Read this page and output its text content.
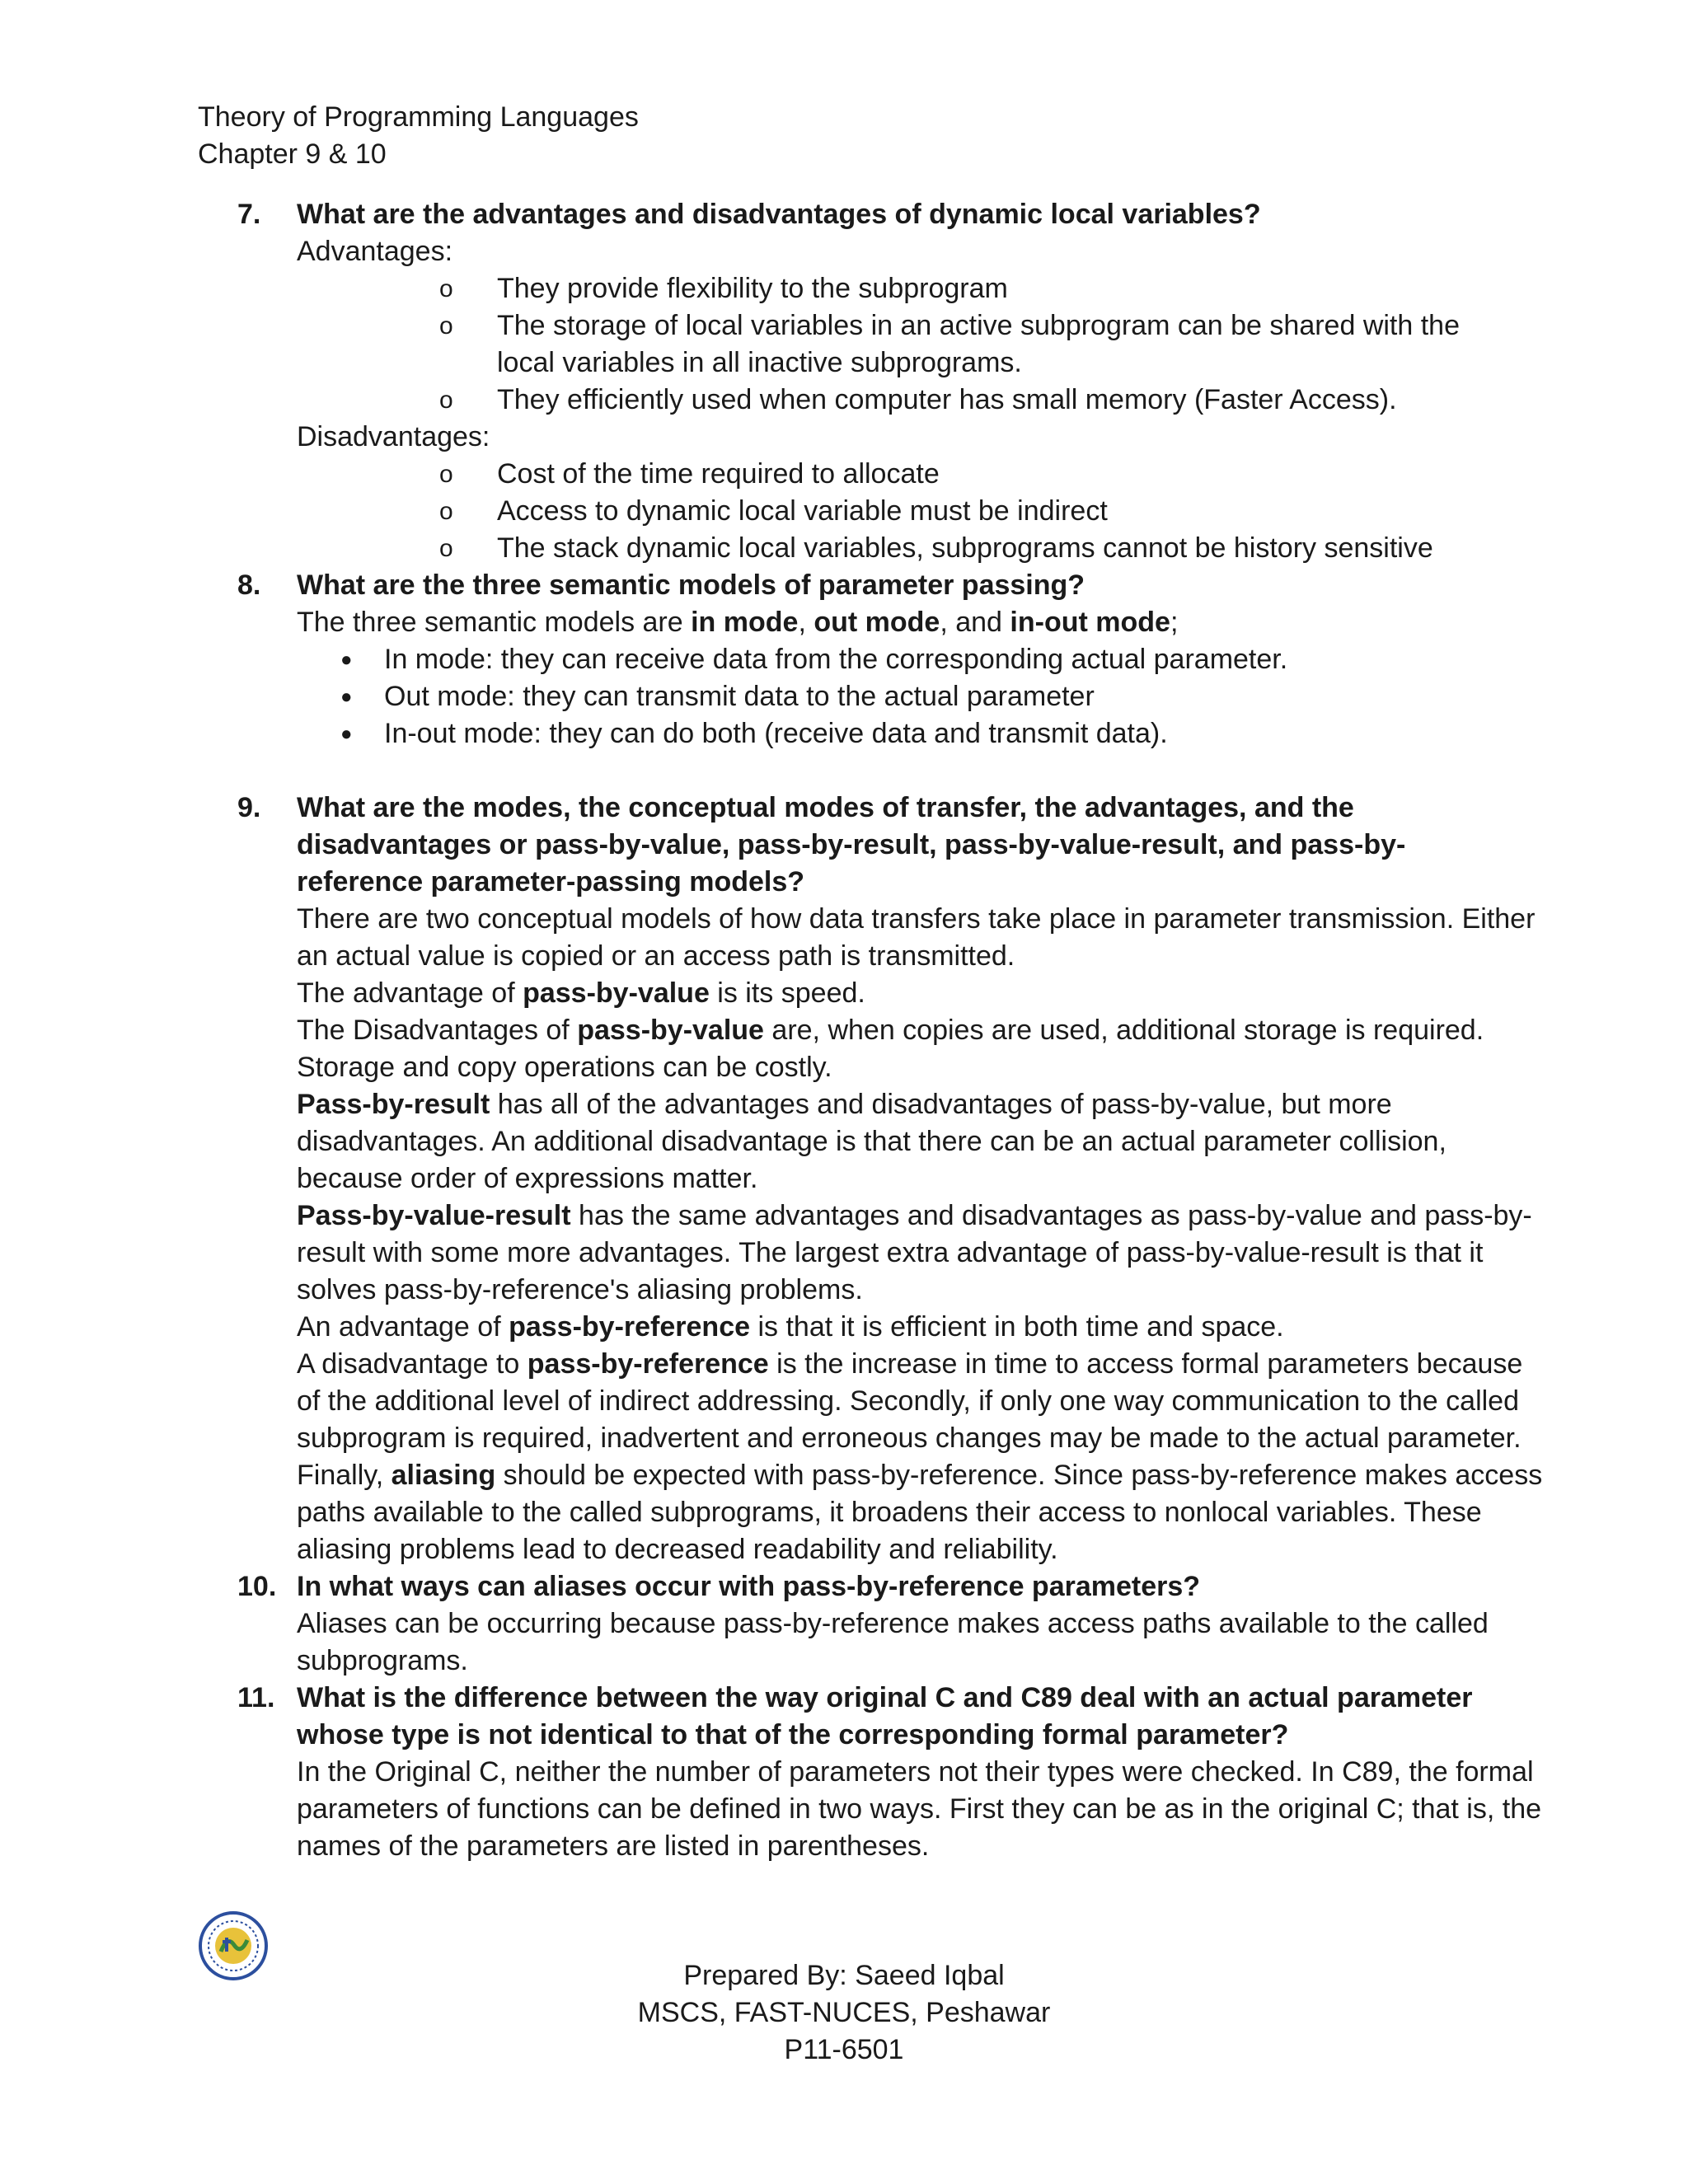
Theory of Programming Languages
Chapter 9 & 10
7.	What are the advantages and disadvantages of dynamic local variables?
Advantages:
o	They provide flexibility to the subprogram
o	The storage of local variables in an active subprogram can be shared with the local variables in all inactive subprograms.
o	They efficiently used when computer has small memory (Faster Access).
Disadvantages:
o	Cost of the time required to allocate
o	Access to dynamic local variable must be indirect
o	The stack dynamic local variables, subprograms cannot be history sensitive
8.	What are the three semantic models of parameter passing?
The three semantic models are in mode, out mode, and in-out mode;
●	In mode: they can receive data from the corresponding actual parameter.
●	Out mode: they can transmit data to the actual parameter
●	In-out mode: they can do both (receive data and transmit data).
9.	What are the modes, the conceptual modes of transfer, the advantages, and the disadvantages or pass-by-value, pass-by-result, pass-by-value-result, and pass-by-reference parameter-passing models?
There are two conceptual models of how data transfers take place in parameter transmission. Either an actual value is copied or an access path is transmitted.
The advantage of pass-by-value is its speed.
The Disadvantages of pass-by-value are, when copies are used, additional storage is required. Storage and copy operations can be costly.
Pass-by-result has all of the advantages and disadvantages of pass-by-value, but more disadvantages. An additional disadvantage is that there can be an actual parameter collision, because order of expressions matter.
Pass-by-value-result has the same advantages and disadvantages as pass-by-value and pass-by-result with some more advantages. The largest extra advantage of pass-by-value-result is that it solves pass-by-reference's aliasing problems.
An advantage of pass-by-reference is that it is efficient in both time and space.
A disadvantage to pass-by-reference is the increase in time to access formal parameters because of the additional level of indirect addressing. Secondly, if only one way communication to the called subprogram is required, inadvertent and erroneous changes may be made to the actual parameter. Finally, aliasing should be expected with pass-by-reference. Since pass-by-reference makes access paths available to the called subprograms, it broadens their access to nonlocal variables. These aliasing problems lead to decreased readability and reliability.
10. In what ways can aliases occur with pass-by-reference parameters?
Aliases can be occurring because pass-by-reference makes access paths available to the called subprograms.
11. What is the difference between the way original C and C89 deal with an actual parameter whose type is not identical to that of the corresponding formal parameter?
In the Original C, neither the number of parameters not their types were checked. In C89, the formal parameters of functions can be defined in two ways. First they can be as in the original C; that is, the names of the parameters are listed in parentheses.
Prepared By: Saeed Iqbal
MSCS, FAST-NUCES, Peshawar
P11-6501
